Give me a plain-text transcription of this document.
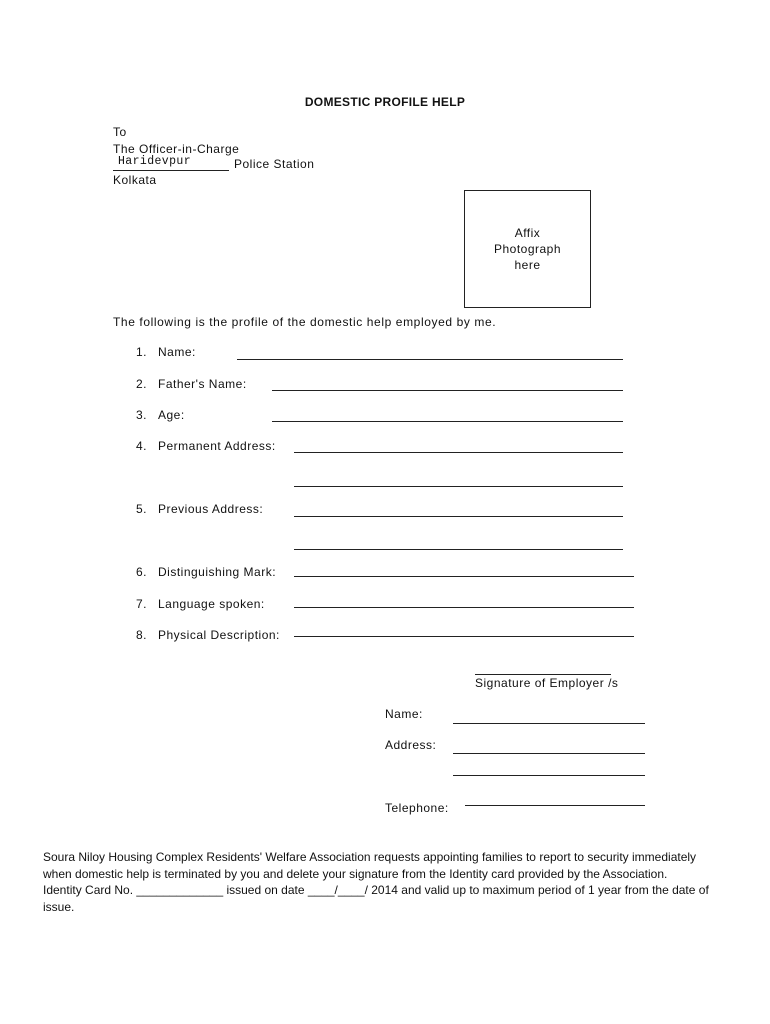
DOMESTIC PROFILE HELP
To
The Officer-in-Charge
Haridevpur	Police Station
Kolkata
Affix
Photograph
here
The following is the profile of the domestic help employed by me.
1. Name:
2. Father's Name:
3. Age:
4. Permanent Address:
5. Previous Address:
6. Distinguishing Mark:
7. Language spoken:
8. Physical Description:
Signature of Employer /s
Name:
Address:
Telephone:
Soura Niloy Housing Complex Residents' Welfare Association requests appointing families to report to security immediately when domestic help is terminated by you and delete your signature from the Identity card provided by the Association.
Identity Card No. _____________ issued on date ____/____/ 2014 and valid up to maximum period of 1 year from the date of issue.
